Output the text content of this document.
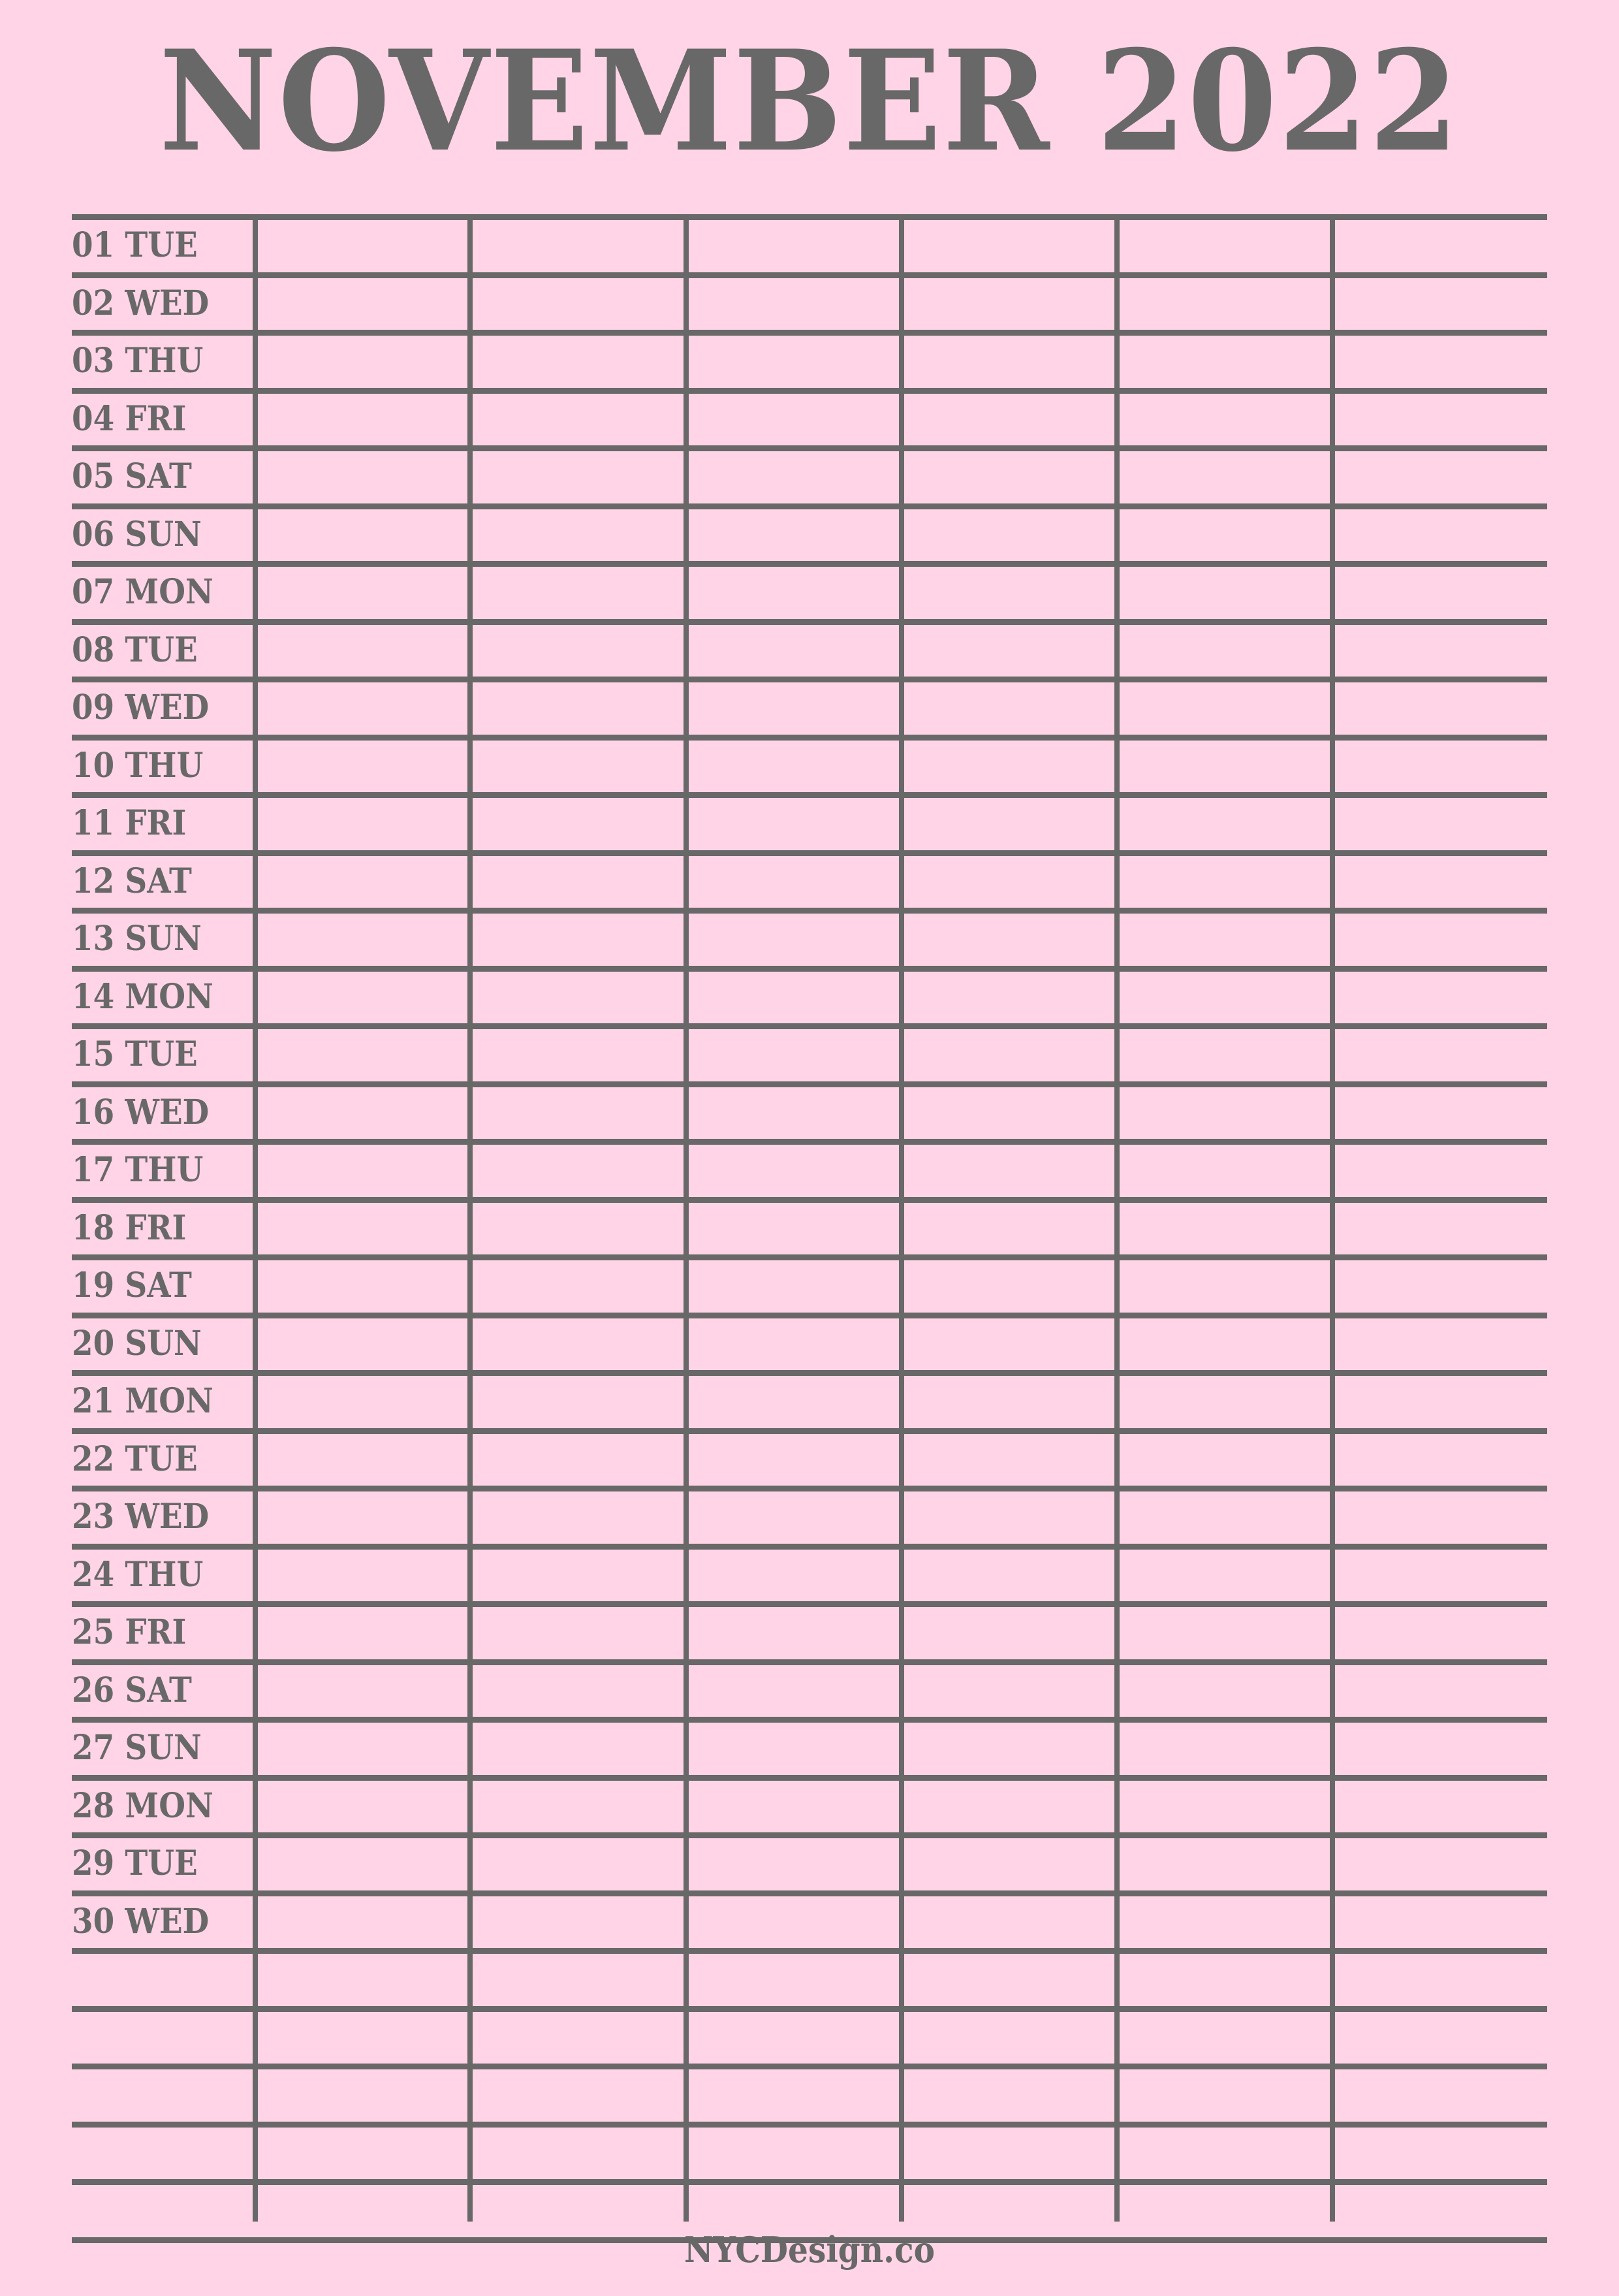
NOVEMBER 2022
01 TUE
02 WED
03 THU
04 FRI
05 SAT
06 SUN
07 MON
08 TUE
09 WED
10 THU
11 FRI
12 SAT
13 SUN
14 MON
15 TUE
16 WED
17 THU
18 FRI
19 SAT
20 SUN
21 MON
22 TUE
23 WED
24 THU
25 FRI
26 SAT
27 SUN
28 MON
29 TUE
30 WED
NYCDesign.co
